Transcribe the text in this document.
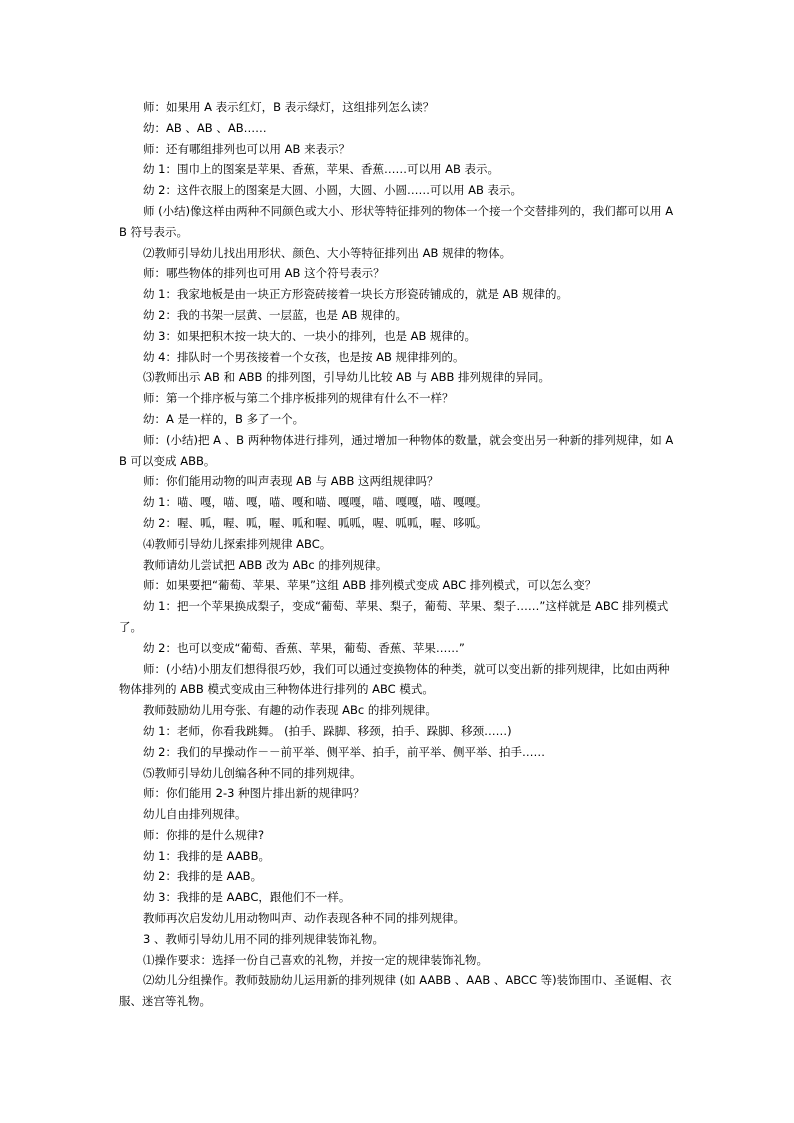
师：如果用 A 表示红灯，B 表示绿灯，这组排列怎么读？
幼：AB 、AB 、AB……
师：还有哪组排列也可以用 AB 来表示？
幼 1：围巾上的图案是苹果、香蕉，苹果、香蕉……可以用 AB 表示。
幼 2：这件衣服上的图案是大圆、小圆，大圆、小圆……可以用 AB 表示。
师 (小结)像这样由两种不同颜色或大小、形状等特征排列的物体一个接一个交替排列的，我们都可以用 AB 符号表示。
⑵教师引导幼儿找出用形状、颜色、大小等特征排列出 AB 规律的物体。
师：哪些物体的排列也可用 AB 这个符号表示？
幼 1：我家地板是由一块正方形瓷砖接着一块长方形瓷砖铺成的，就是 AB 规律的。
幼 2：我的书架一层黄、一层蓝，也是 AB 规律的。
幼 3：如果把积木按一块大的、一块小的排列，也是 AB 规律的。
幼 4：排队时一个男孩接着一个女孩，也是按 AB 规律排列的。
⑶教师出示 AB 和 ABB 的排列图，引导幼儿比较 AB 与 ABB 排列规律的异同。
师：第一个排序板与第二个排序板排列的规律有什么不一样？
幼：A 是一样的，B 多了一个。
师：(小结)把 A 、B 两种物体进行排列，通过增加一种物体的数量，就会变出另一种新的排列规律，如 AB 可以变成 ABB。
师：你们能用动物的叫声表现 AB 与 ABB 这两组规律吗？
幼 1：喵、嘎，喵、嘎，喵、嘎和喵、嘎嘎，喵、嘎嘎，喵、嘎嘎。
幼 2：喔、呱，喔、呱，喔、呱和喔、呱呱，喔、呱呱，喔、哆呱。
⑷教师引导幼儿探索排列规律 ABC。
教师请幼儿尝试把 ABB 改为 ABc 的排列规律。
师：如果要把“葡萄、苹果、苹果”这组 ABB 排列模式变成 ABC 排列模式，可以怎么变？
幼 1：把一个苹果换成梨子，变成“葡萄、苹果、梨子，葡萄、苹果、梨子……”这样就是 ABC 排列模式了。
幼 2：也可以变成“葡萄、香蕉、苹果，葡萄、香蕉、苹果……”
师：(小结)小朋友们想得很巧妙，我们可以通过变换物体的种类，就可以变出新的排列规律，比如由两种物体排列的 ABB 模式变成由三种物体进行排列的 ABC 模式。
教师鼓励幼儿用夸张、有趣的动作表现 ABc 的排列规律。
幼 1：老师，你看我跳舞。 (拍手、跺脚、移颈，拍手、跺脚、移颈……)
幼 2：我们的早操动作－－前平举、侧平举、拍手，前平举、侧平举、拍手……
⑸教师引导幼儿创编各种不同的排列规律。
师：你们能用 2-3 种图片排出新的规律吗？
幼儿自由排列规律。
师：你排的是什么规律?
幼 1：我排的是 AABB。
幼 2：我排的是 AAB。
幼 3：我排的是 AABC，跟他们不一样。
教师再次启发幼儿用动物叫声、动作表现各种不同的排列规律。
3 、教师引导幼儿用不同的排列规律装饰礼物。
⑴操作要求：选择一份自己喜欢的礼物，并按一定的规律装饰礼物。
⑵幼儿分组操作。教师鼓励幼儿运用新的排列规律 (如 AABB 、AAB 、ABCC 等)装饰围巾、圣诞帽、衣服、迷宫等礼物。
